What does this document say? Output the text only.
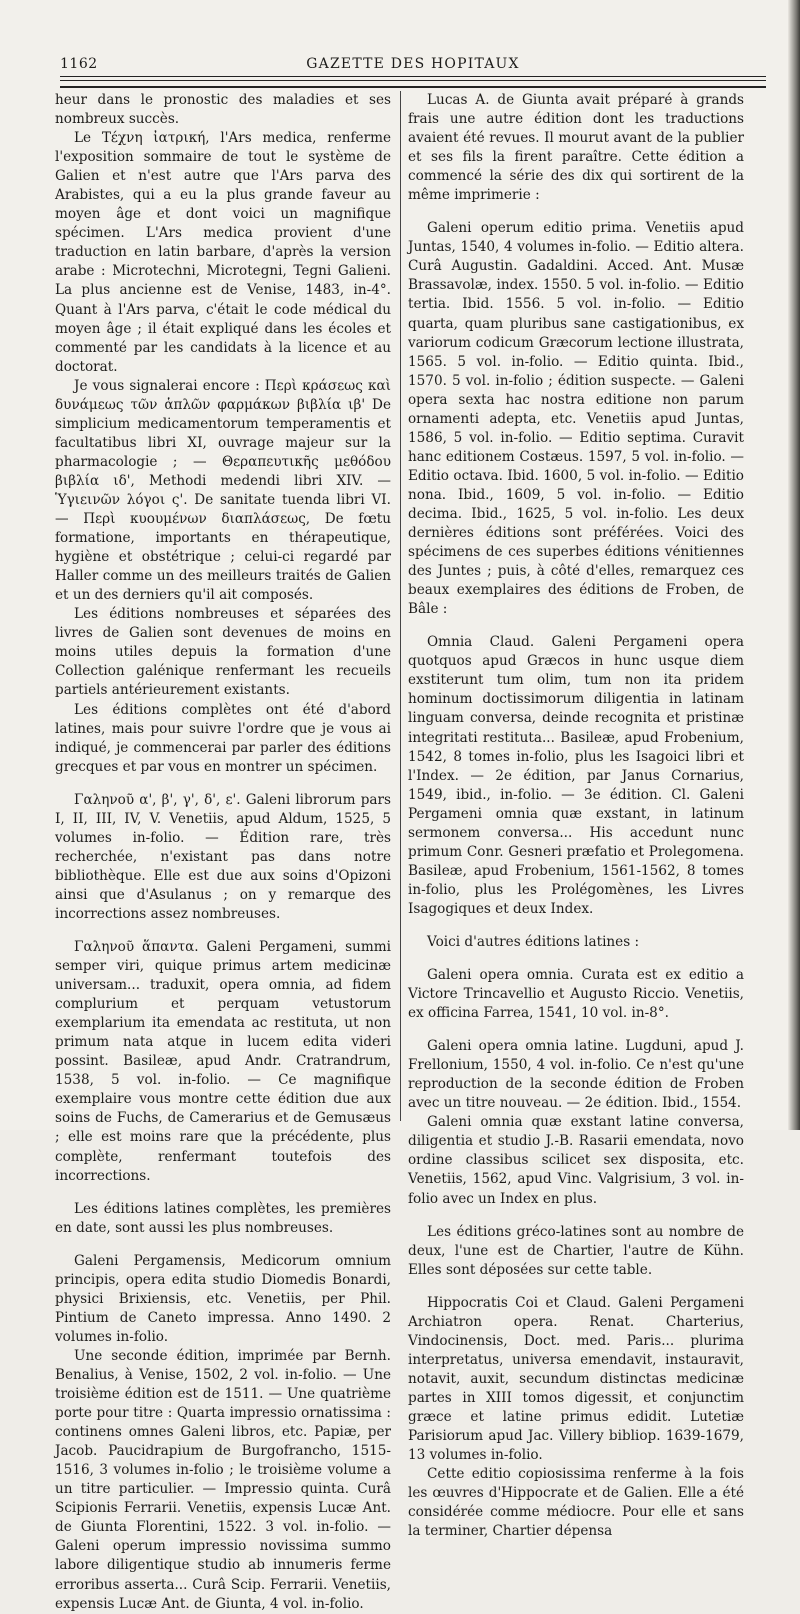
1162	GAZETTE DES HOPITAUX

heur dans le pronostic des maladies et ses nombreux succès.

Le Τέχνη ἰατρική, l'Ars medica, renferme l'exposition sommaire de tout le système de Galien et n'est autre que l'Ars parva des Arabistes, qui a eu la plus grande faveur au moyen âge et dont voici un magnifique spécimen. L'Ars medica provient d'une traduction en latin barbare, d'après la version arabe : Microtechni, Microtegni, Tegni Galieni. La plus ancienne est de Venise, 1483, in-4°. Quant à l'Ars parva, c'était le code médical du moyen âge ; il était expliqué dans les écoles et commenté par les candidats à la licence et au doctorat.

Je vous signalerai encore : Περὶ κράσεως καὶ δυνάμεως τῶν ἁπλῶν φαρμάκων βιβλία ιβ' De simplicium medicamentorum temperamentis et facultatibus libri XI, ouvrage majeur sur la pharmacologie ; — Θεραπευτικῆς μεθόδου βιβλία ιδ', Methodi medendi libri XIV. — Ὑγιεινῶν λόγοι ς'. De sanitate tuenda libri VI. — Περὶ κυουμένων διαπλάσεως, De fœtu formatione, importants en thérapeutique, hygiène et obstétrique ; celui-ci regardé par Haller comme un des meilleurs traités de Galien et un des derniers qu'il ait composés.

Les éditions nombreuses et séparées des livres de Galien sont devenues de moins en moins utiles depuis la formation d'une Collection galénique renfermant les recueils partiels antérieurement existants.

Les éditions complètes ont été d'abord latines, mais pour suivre l'ordre que je vous ai indiqué, je commencerai par parler des éditions grecques et par vous en montrer un spécimen.

Γαληνοῦ α', β', γ', δ', ε'. Galeni librorum pars I, II, III, IV, V. Venetiis, apud Aldum, 1525, 5 volumes in-folio. — Édition rare, très recherchée, n'existant pas dans notre bibliothèque. Elle est due aux soins d'Opizoni ainsi que d'Asulanus ; on y remarque des incorrections assez nombreuses.

Γαληνοῦ ἅπαντα. Galeni Pergameni, summi semper viri, quique primus artem medicinæ universam... traduxit, opera omnia, ad fidem complurium et perquam vetustorum exemplarium ita emendata ac restituta, ut non primum nata atque in lucem edita videri possint. Basileæ, apud Andr. Cratrandrum, 1538, 5 vol. in-folio. — Ce magnifique exemplaire vous montre cette édition due aux soins de Fuchs, de Camerarius et de Gemusæus ; elle est moins rare que la précédente, plus complète, renfermant toutefois des incorrections.

Les éditions latines complètes, les premières en date, sont aussi les plus nombreuses.

Galeni Pergamensis, Medicorum omnium principis, opera edita studio Diomedis Bonardi, physici Brixiensis, etc. Venetiis, per Phil. Pintium de Caneto impressa. Anno 1490. 2 volumes in-folio.

Une seconde édition, imprimée par Bernh. Benalius, à Venise, 1502, 2 vol. in-folio. — Une troisième édition est de 1511. — Une quatrième porte pour titre : Quarta impressio ornatissima : continens omnes Galeni libros, etc. Papiæ, per Jacob. Paucidrapium de Burgofrancho, 1515-1516, 3 volumes in-folio ; le troisième volume a un titre particulier. — Impressio quinta. Curâ Scipionis Ferrarii. Venetiis, expensis Lucæ Ant. de Giunta Florentini, 1522. 3 vol. in-folio. — Galeni operum impressio novissima summo labore diligentique studio ab innumeris ferme erroribus asserta... Curâ Scip. Ferrarii. Venetiis, expensis Lucæ Ant. de Giunta, 4 vol. in-folio.

Lucas A. de Giunta avait préparé à grands frais une autre édition dont les traductions avaient été revues. Il mourut avant de la publier et ses fils la firent paraître. Cette édition a commencé la série des dix qui sortirent de la même imprimerie :

Galeni operum editio prima. Venetiis apud Juntas, 1540, 4 volumes in-folio. — Editio altera. Curâ Augustin. Gadaldini. Acced. Ant. Musæ Brassavolæ, index. 1550. 5 vol. in-folio. — Editio tertia. Ibid. 1556. 5 vol. in-folio. — Editio quarta, quam pluribus sane castigationibus, ex variorum codicum Græcorum lectione illustrata, 1565. 5 vol. in-folio. — Editio quinta. Ibid., 1570. 5 vol. in-folio ; édition suspecte. — Galeni opera sexta hac nostra editione non parum ornamenti adepta, etc. Venetiis apud Juntas, 1586, 5 vol. in-folio. — Editio septima. Curavit hanc editionem Costæus. 1597, 5 vol. in-folio. — Editio octava. Ibid. 1600, 5 vol. in-folio. — Editio nona. Ibid., 1609, 5 vol. in-folio. — Editio decima. Ibid., 1625, 5 vol. in-folio. Les deux dernières éditions sont préférées. Voici des spécimens de ces superbes éditions vénitiennes des Juntes ; puis, à côté d'elles, remarquez ces beaux exemplaires des éditions de Froben, de Bâle :

Omnia Claud. Galeni Pergameni opera quotquos apud Græcos in hunc usque diem exstiterunt tum olim, tum non ita pridem hominum doctissimorum diligentia in latinam linguam conversa, deinde recognita et pristinæ integritati restituta... Basileæ, apud Frobenium, 1542, 8 tomes in-folio, plus les Isagoici libri et l'Index. — 2e édition, par Janus Cornarius, 1549, ibid., in-folio. — 3e édition. Cl. Galeni Pergameni omnia quæ exstant, in latinum sermonem conversa... His accedunt nunc primum Conr. Gesneri præfatio et Prolegomena. Basileæ, apud Frobenium, 1561-1562, 8 tomes in-folio, plus les Prolégomènes, les Livres Isagogiques et deux Index.

Voici d'autres éditions latines :

Galeni opera omnia. Curata est ex editio a Victore Trincavellio et Augusto Riccio. Venetiis, ex officina Farrea, 1541, 10 vol. in-8°.

Galeni opera omnia latine. Lugduni, apud J. Frellonium, 1550, 4 vol. in-folio. Ce n'est qu'une reproduction de la seconde édition de Froben avec un titre nouveau. — 2e édition. Ibid., 1554.

Galeni omnia quæ exstant latine conversa, diligentia et studio J.-B. Rasarii emendata, novo ordine classibus scilicet sex disposita, etc. Venetiis, 1562, apud Vinc. Valgrisium, 3 vol. in-folio avec un Index en plus.

Les éditions gréco-latines sont au nombre de deux, l'une est de Chartier, l'autre de Kühn. Elles sont déposées sur cette table.

Hippocratis Coi et Claud. Galeni Pergameni Archiatron opera. Renat. Charterius, Vindocinensis, Doct. med. Paris... plurima interpretatus, universa emendavit, instauravit, notavit, auxit, secundum distinctas medicinæ partes in XIII tomos digessit, et conjunctim græce et latine primus edidit. Lutetiæ Parisiorum apud Jac. Villery bibliop. 1639-1679, 13 volumes in-folio.

Cette editio copiosissima renferme à la fois les œuvres d'Hippocrate et de Galien. Elle a été considérée comme médiocre. Pour elle et sans la terminer, Chartier dépensa
